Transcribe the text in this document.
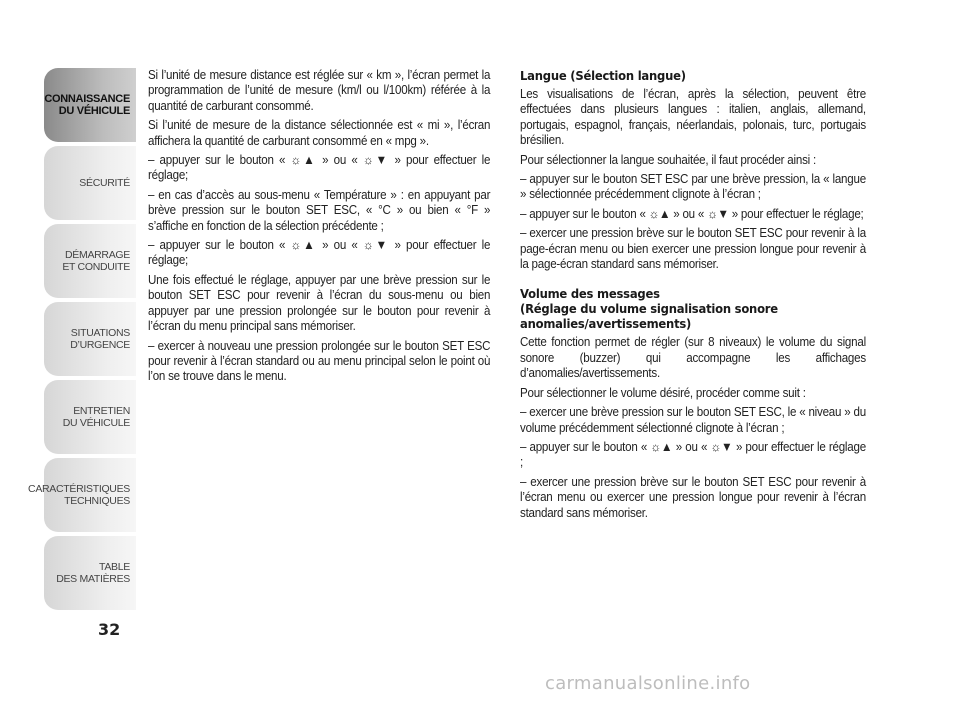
CONNAISSANCE
DU VÉHICULE
SÉCURITÉ
DÉMARRAGE
ET CONDUITE
SITUATIONS
D’URGENCE
ENTRETIEN
DU VÉHICULE
CARACTÉRISTIQUES
TECHNIQUES
TABLE
DES MATIÈRES
32

Si l’unité de mesure distance est réglée sur « km », l’écran permet la programmation de l’unité de mesure (km/l ou l/100km) référée à la quantité de carburant consommé.

Si l’unité de mesure de la distance sélectionnée est « mi », l’écran affichera la quantité de carburant consommé en « mpg ».

– appuyer sur le bouton « ☼▲ » ou « ☼▼ » pour effectuer le réglage;

– en cas d’accès au sous-menu « Température » : en appuyant par brève pression sur le bouton SET ESC, « °C » ou bien « °F » s’affiche en fonction de la sélection précédente ;

– appuyer sur le bouton « ☼▲ » ou « ☼▼ » pour effectuer le réglage;

Une fois effectué le réglage, appuyer par une brève pression sur le bouton SET ESC pour revenir à l’écran du sous-menu ou bien appuyer par une pression prolongée sur le bouton pour revenir à l’écran du menu principal sans mémoriser.

– exercer à nouveau une pression prolongée sur le bouton SET ESC pour revenir à l’écran standard ou au menu principal selon le point où l’on se trouve dans le menu.

Langue (Sélection langue)

Les visualisations de l’écran, après la sélection, peuvent être effectuées dans plusieurs langues : italien, anglais, allemand, portugais, espagnol, français, néerlandais, polonais, turc, portugais brésilien.

Pour sélectionner la langue souhaitée, il faut procéder ainsi :

– appuyer sur le bouton SET ESC par une brève pression, la « langue » sélectionnée précédemment clignote à l’écran ;

– appuyer sur le bouton « ☼▲ » ou « ☼▼ » pour effectuer le réglage;

– exercer une pression brève sur le bouton SET ESC pour revenir à la page-écran menu ou bien exercer une pression longue pour revenir à la page-écran standard sans mémoriser.

Volume des messages
(Réglage du volume signalisation sonore
anomalies/avertissements)

Cette fonction permet de régler (sur 8 niveaux) le volume du signal sonore (buzzer) qui accompagne les affichages d’anomalies/avertissements.

Pour sélectionner le volume désiré, procéder comme suit :

– exercer une brève pression sur le bouton SET ESC, le « niveau » du volume précédemment sélectionné clignote à l’écran ;

– appuyer sur le bouton « ☼▲ » ou « ☼▼ » pour effectuer le réglage ;

– exercer une pression brève sur le bouton SET ESC pour revenir à l’écran menu ou exercer une pression longue pour revenir à l’écran standard sans mémoriser.

carmanualsonline.info
